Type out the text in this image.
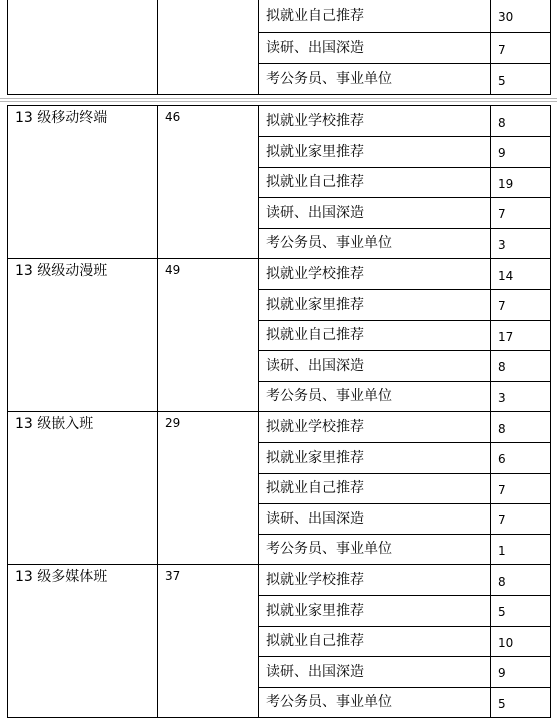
		拟就业自己推荐	30
		读研、出国深造	7
		考公务员、事业单位	5
13 级移动终端	46	拟就业学校推荐	8
		拟就业家里推荐	9
		拟就业自己推荐	19
		读研、出国深造	7
		考公务员、事业单位	3
13 级级动漫班	49	拟就业学校推荐	14
		拟就业家里推荐	7
		拟就业自己推荐	17
		读研、出国深造	8
		考公务员、事业单位	3
13 级嵌入班	29	拟就业学校推荐	8
		拟就业家里推荐	6
		拟就业自己推荐	7
		读研、出国深造	7
		考公务员、事业单位	1
13 级多媒体班	37	拟就业学校推荐	8
		拟就业家里推荐	5
		拟就业自己推荐	10
		读研、出国深造	9
		考公务员、事业单位	5
